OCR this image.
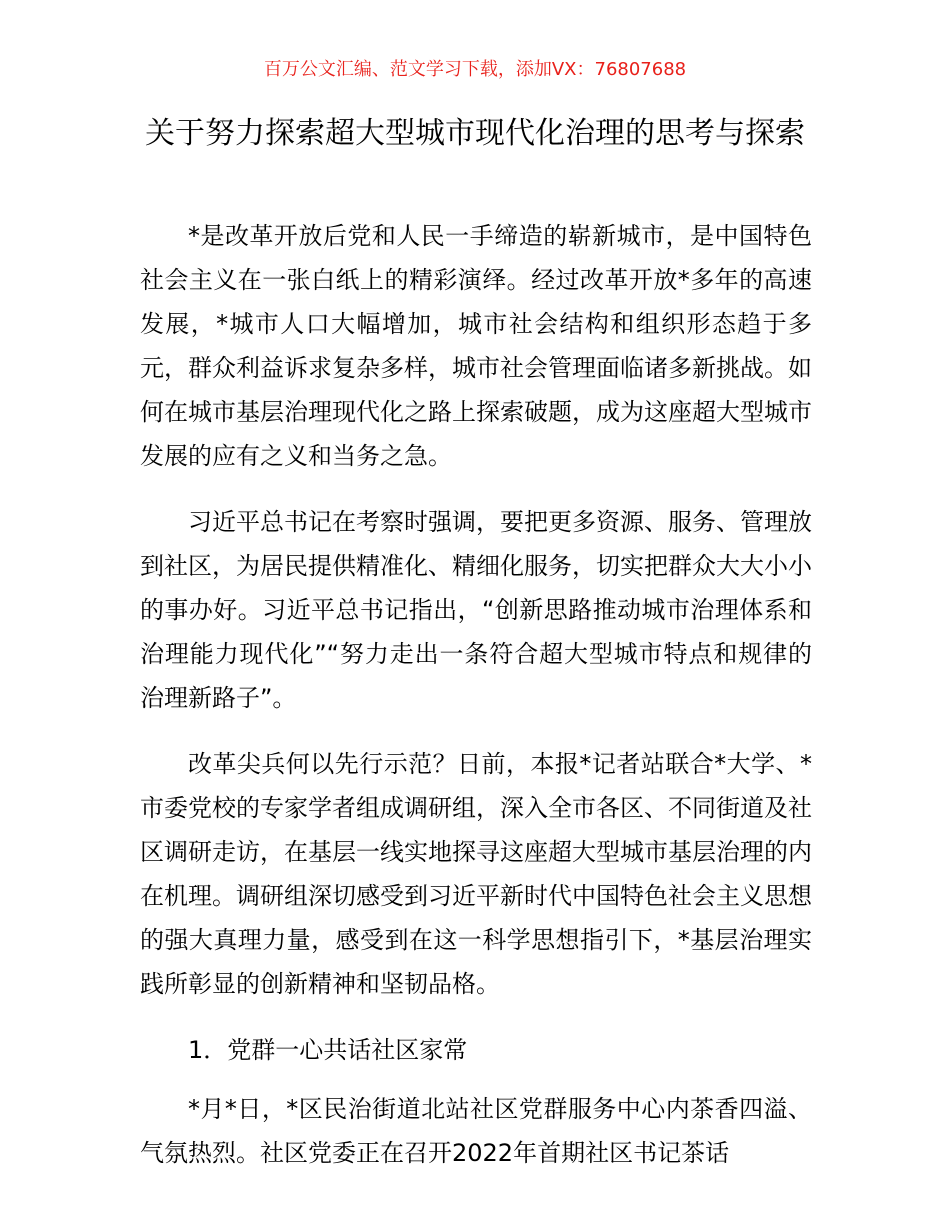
百万公文汇编、范文学习下载，添加VX：76807688
关于努力探索超大型城市现代化治理的思考与探索

*是改革开放后党和人民一手缔造的崭新城市，是中国特色社会主义在一张白纸上的精彩演绎。经过改革开放*多年的高速发展，*城市人口大幅增加，城市社会结构和组织形态趋于多元，群众利益诉求复杂多样，城市社会管理面临诸多新挑战。如何在城市基层治理现代化之路上探索破题，成为这座超大型城市发展的应有之义和当务之急。

习近平总书记在考察时强调，要把更多资源、服务、管理放到社区，为居民提供精准化、精细化服务，切实把群众大大小小的事办好。习近平总书记指出，“创新思路推动城市治理体系和治理能力现代化”“努力走出一条符合超大型城市特点和规律的治理新路子”。

改革尖兵何以先行示范？日前，本报*记者站联合*大学、*市委党校的专家学者组成调研组，深入全市各区、不同街道及社区调研走访，在基层一线实地探寻这座超大型城市基层治理的内在机理。调研组深切感受到习近平新时代中国特色社会主义思想的强大真理力量，感受到在这一科学思想指引下，*基层治理实践所彰显的创新精神和坚韧品格。

1．党群一心共话社区家常

*月*日，*区民治街道北站社区党群服务中心内茶香四溢、气氛热烈。社区党委正在召开2022年首期社区书记茶话
